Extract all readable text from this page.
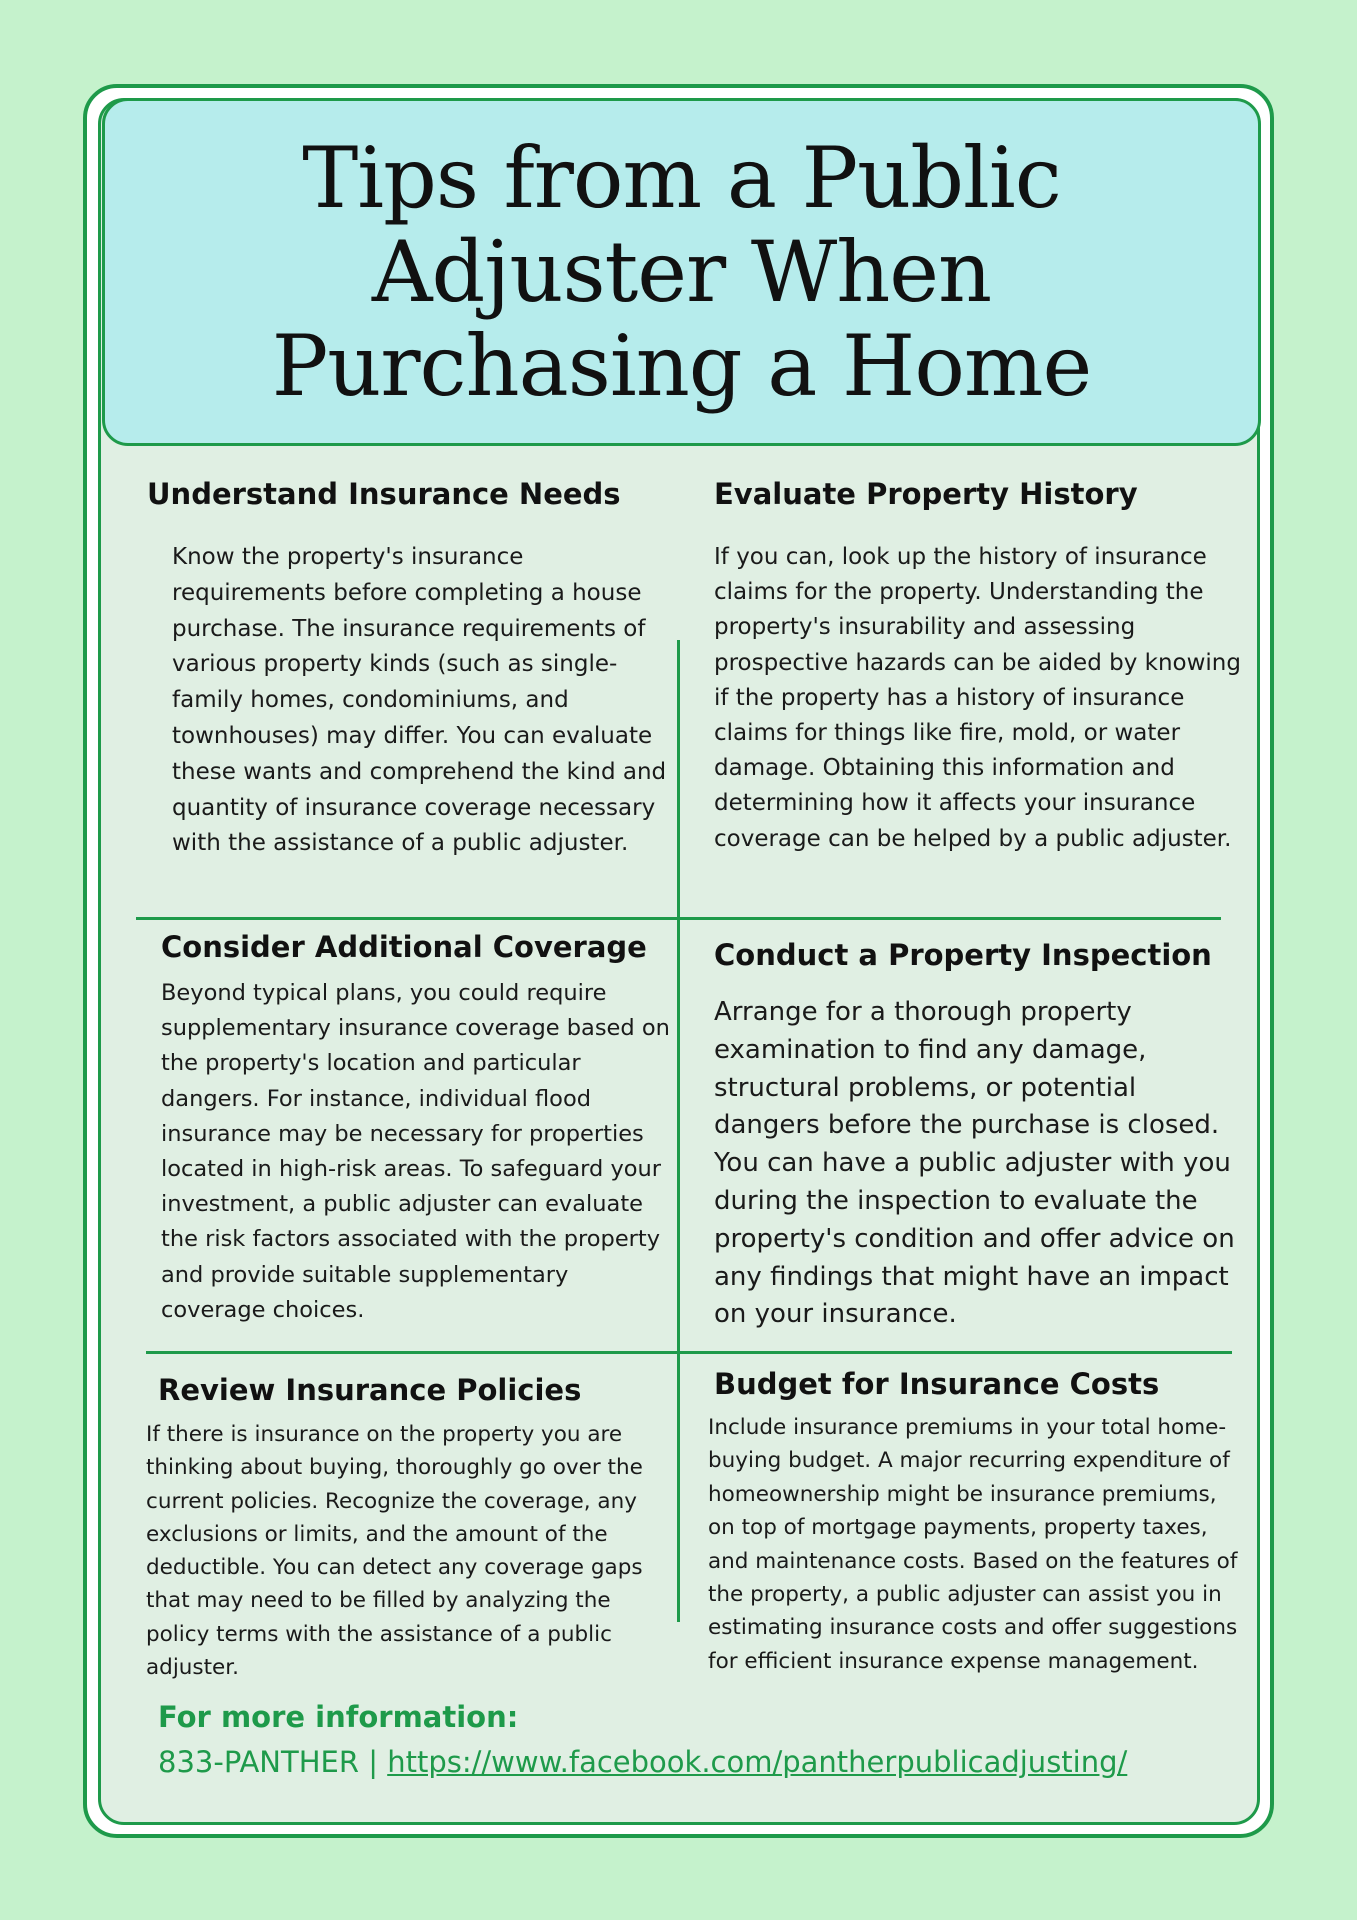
Tips from a Public Adjuster When Purchasing a Home
Understand Insurance Needs

Know the property's insurance requirements before completing a house purchase. The insurance requirements of various property kinds (such as single-family homes, condominiums, and townhouses) may differ. You can evaluate these wants and comprehend the kind and quantity of insurance coverage necessary with the assistance of a public adjuster.

Evaluate Property History

If you can, look up the history of insurance claims for the property. Understanding the property's insurability and assessing prospective hazards can be aided by knowing if the property has a history of insurance claims for things like fire, mold, or water damage. Obtaining this information and determining how it affects your insurance coverage can be helped by a public adjuster.

Consider Additional Coverage

Beyond typical plans, you could require supplementary insurance coverage based on the property's location and particular dangers. For instance, individual flood insurance may be necessary for properties located in high-risk areas. To safeguard your investment, a public adjuster can evaluate the risk factors associated with the property and provide suitable supplementary coverage choices.

Conduct a Property Inspection

Arrange for a thorough property examination to find any damage, structural problems, or potential dangers before the purchase is closed. You can have a public adjuster with you during the inspection to evaluate the property's condition and offer advice on any findings that might have an impact on your insurance.

Review Insurance Policies

If there is insurance on the property you are thinking about buying, thoroughly go over the current policies. Recognize the coverage, any exclusions or limits, and the amount of the deductible. You can detect any coverage gaps that may need to be filled by analyzing the policy terms with the assistance of a public adjuster.

Budget for Insurance Costs

Include insurance premiums in your total home-buying budget. A major recurring expenditure of homeownership might be insurance premiums, on top of mortgage payments, property taxes, and maintenance costs. Based on the features of the property, a public adjuster can assist you in estimating insurance costs and offer suggestions for efficient insurance expense management.

For more information:

833-PANTHER | https://www.facebook.com/pantherpublicadjusting/
